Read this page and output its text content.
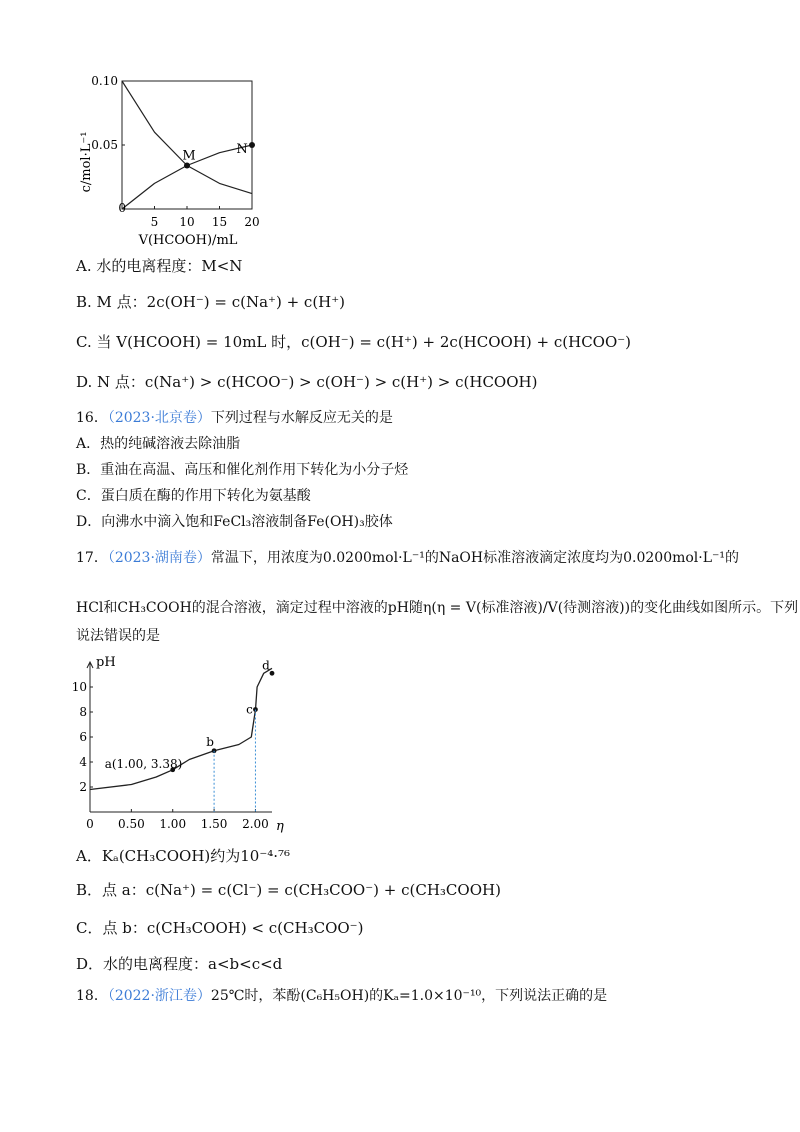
5 10 15 20
0.05
0.10
M	N
V(HCOOH)/mL
c/mol·L⁻¹
0
A. 水的电离程度：M<N
B. M 点：2c(OH⁻) = c(Na⁺) + c(H⁺)
C. 当 V(HCOOH) = 10mL 时，c(OH⁻) = c(H⁺) + 2c(HCOOH) + c(HCOO⁻)
D. N 点：c(Na⁺) > c(HCOO⁻) > c(OH⁻) > c(H⁺) > c(HCOOH)
16．（2023·北京卷）下列过程与水解反应无关的是
A．热的纯碱溶液去除油脂
B．重油在高温、高压和催化剂作用下转化为小分子烃
C．蛋白质在酶的作用下转化为氨基酸
D．向沸水中滴入饱和FeCl₃溶液制备Fe(OH)₃胶体
17．（2023·湖南卷）常温下，用浓度为0.0200mol·L⁻¹的NaOH标准溶液滴定浓度均为0.0200mol·L⁻¹的
HCl和CH₃COOH的混合溶液，滴定过程中溶液的pH随η(η = V(标准溶液)/V(待测溶液))的变化曲线如图所示。下列
说法错误的是
0 0.50 1.00 1.50 2.00
2
4
6
8
10
a(1.00, 3.38)
b
c
d
pH
η
A．Kₐ(CH₃COOH)约为10⁻⁴·⁷⁶
B．点 a：c(Na⁺) = c(Cl⁻) = c(CH₃COO⁻) + c(CH₃COOH)
C．点 b：c(CH₃COOH) < c(CH₃COO⁻)
D．水的电离程度：a<b<c<d
18．（2022·浙江卷）25℃时，苯酚(C₆H₅OH)的Kₐ=1.0×10⁻¹⁰，下列说法正确的是
